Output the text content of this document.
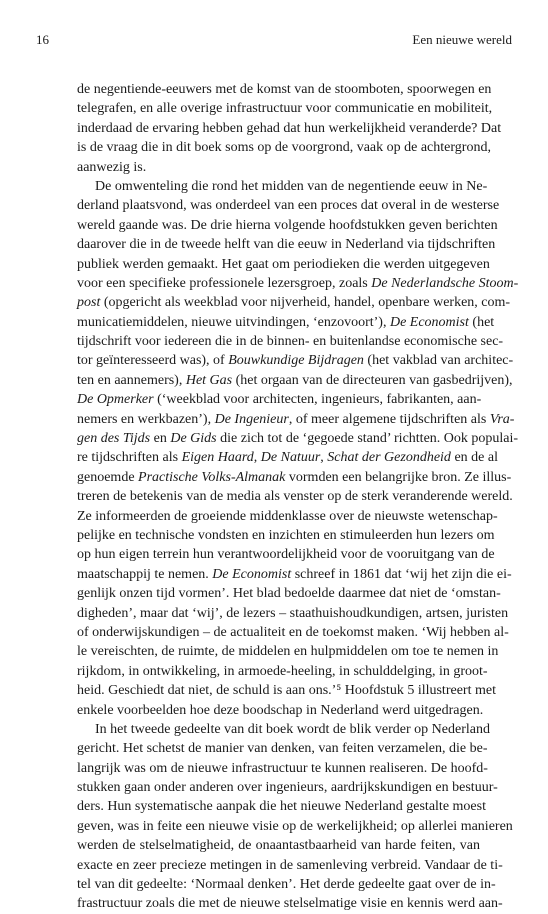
16	Een nieuwe wereld
de negentiende-eeuwers met de komst van de stoomboten, spoorwegen en
telegrafen, en alle overige infrastructuur voor communicatie en mobiliteit,
inderdaad de ervaring hebben gehad dat hun werkelijkheid veranderde? Dat
is de vraag die in dit boek soms op de voorgrond, vaak op de achtergrond,
aanwezig is.
De omwenteling die rond het midden van de negentiende eeuw in Ne-
derland plaatsvond, was onderdeel van een proces dat overal in de westerse
wereld gaande was. De drie hierna volgende hoofdstukken geven berichten
daarover die in de tweede helft van die eeuw in Nederland via tijdschriften
publiek werden gemaakt. Het gaat om periodieken die werden uitgegeven
voor een specifieke professionele lezersgroep, zoals De Nederlandsche Stoom-
post (opgericht als weekblad voor nijverheid, handel, openbare werken, com-
municatiemiddelen, nieuwe uitvindingen, ‘enzovoort’), De Economist (het
tijdschrift voor iedereen die in de binnen- en buitenlandse economische sec-
tor geïnteresseerd was), of Bouwkundige Bijdragen (het vakblad van architec-
ten en aannemers), Het Gas (het orgaan van de directeuren van gasbedrijven),
De Opmerker (‘weekblad voor architecten, ingenieurs, fabrikanten, aan-
nemers en werkbazen’), De Ingenieur, of meer algemene tijdschriften als Vra-
gen des Tijds en De Gids die zich tot de ‘gegoede stand’ richtten. Ook populai-
re tijdschriften als Eigen Haard, De Natuur, Schat der Gezondheid en de al
genoemde Practische Volks-Almanak vormden een belangrijke bron. Ze illus-
treren de betekenis van de media als venster op de sterk veranderende wereld.
Ze informeerden de groeiende middenklasse over de nieuwste wetenschap-
pelijke en technische vondsten en inzichten en stimuleerden hun lezers om
op hun eigen terrein hun verantwoordelijkheid voor de vooruitgang van de
maatschappij te nemen. De Economist schreef in 1861 dat ‘wij het zijn die ei-
genlijk onzen tijd vormen’. Het blad bedoelde daarmee dat niet de ‘omstan-
digheden’, maar dat ‘wij’, de lezers – staathuishoudkundigen, artsen, juristen
of onderwijskundigen – de actualiteit en de toekomst maken. ‘Wij hebben al-
le vereischten, de ruimte, de middelen en hulpmiddelen om toe te nemen in
rijkdom, in ontwikkeling, in armoede-heeling, in schulddelging, in groot-
heid. Geschiedt dat niet, de schuld is aan ons.’⁵ Hoofdstuk 5 illustreert met
enkele voorbeelden hoe deze boodschap in Nederland werd uitgedragen.
In het tweede gedeelte van dit boek wordt de blik verder op Nederland
gericht. Het schetst de manier van denken, van feiten verzamelen, die be-
langrijk was om de nieuwe infrastructuur te kunnen realiseren. De hoofd-
stukken gaan onder anderen over ingenieurs, aardrijkskundigen en bestuur-
ders. Hun systematische aanpak die het nieuwe Nederland gestalte moest
geven, was in feite een nieuwe visie op de werkelijkheid; op allerlei manieren
werden de stelselmatigheid, de onaantastbaarheid van harde feiten, van
exacte en zeer precieze metingen in de samenleving verbreid. Vandaar de ti-
tel van dit gedeelte: ‘Normaal denken’. Het derde gedeelte gaat over de in-
frastructuur zoals die met de nieuwe stelselmatige visie en kennis werd aan-
